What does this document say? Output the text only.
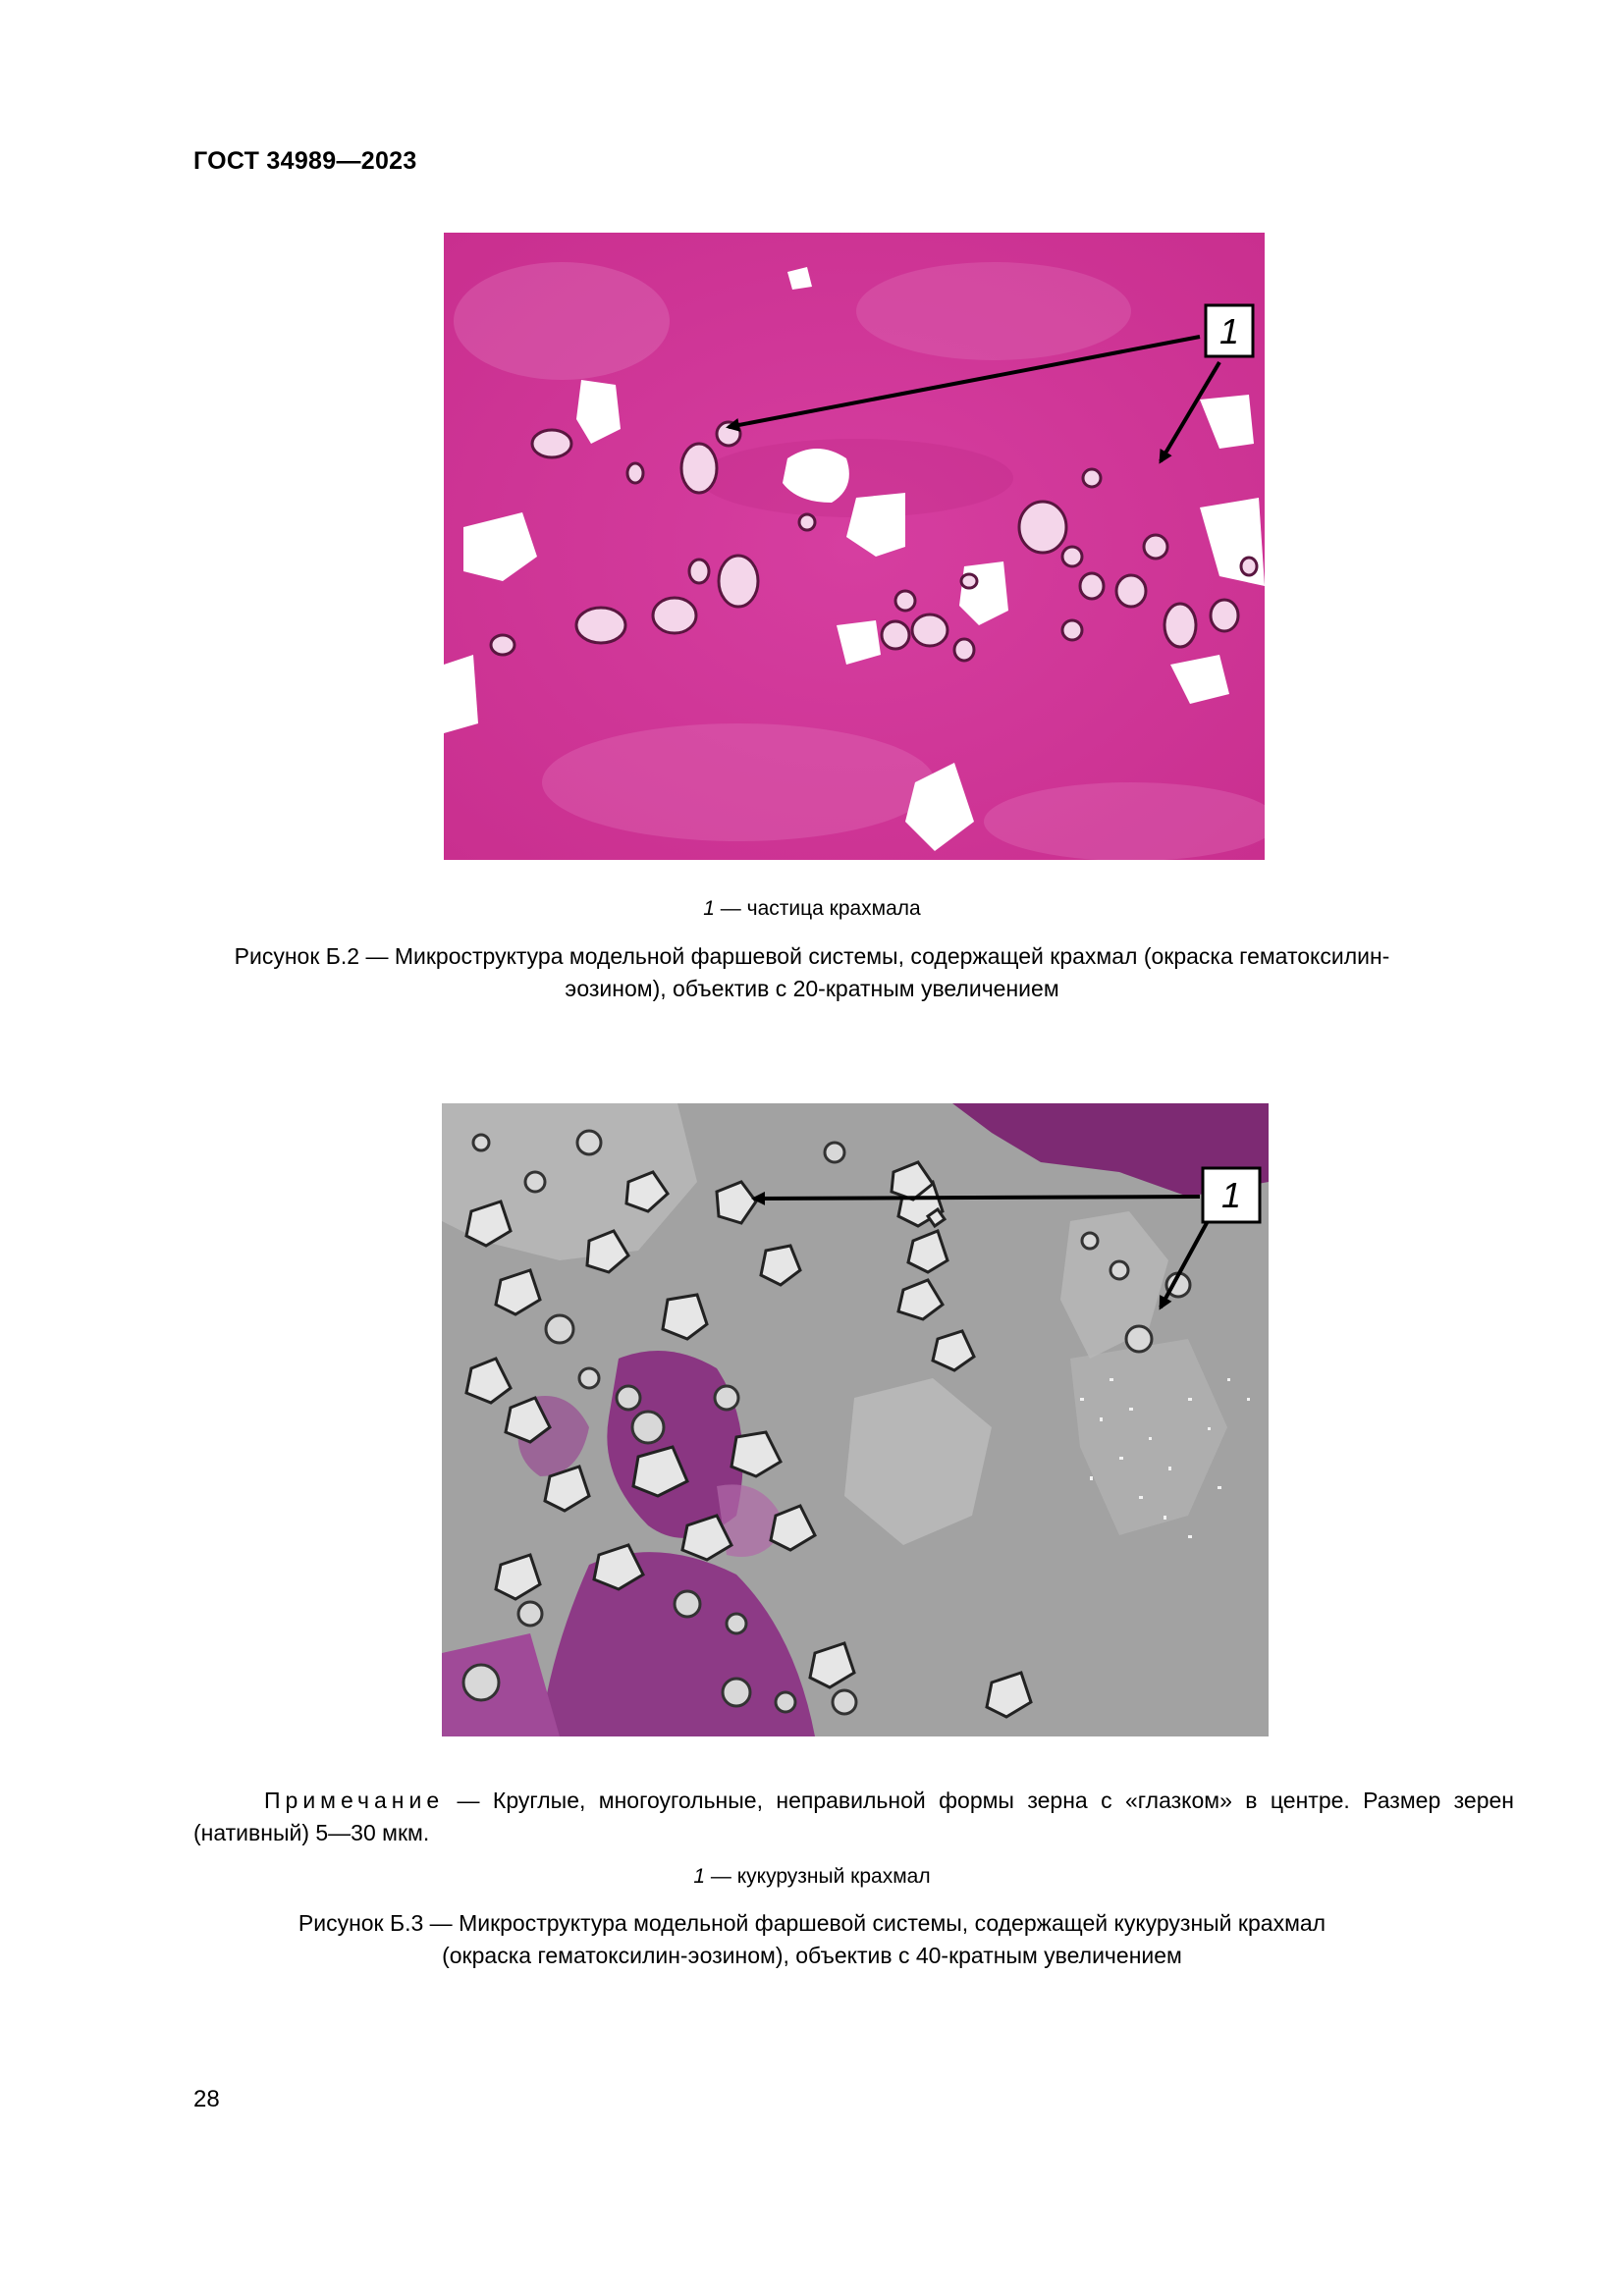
ГОСТ 34989—2023
1
1 — частица крахмала
Рисунок Б.2 — Микроструктура модельной фаршевой системы, содержащей крахмал (окраска гематоксилин-
эозином), объектив с 20-кратным увеличением
1
Примечание — Круглые, многоугольные, неправильной формы зерна с «глазком» в центре. Размер зерен (нативный) 5—30 мкм.
1 — кукурузный крахмал
Рисунок Б.3 — Микроструктура модельной фаршевой системы, содержащей кукурузный крахмал
(окраска гематоксилин-эозином), объектив с 40-кратным увеличением
28
